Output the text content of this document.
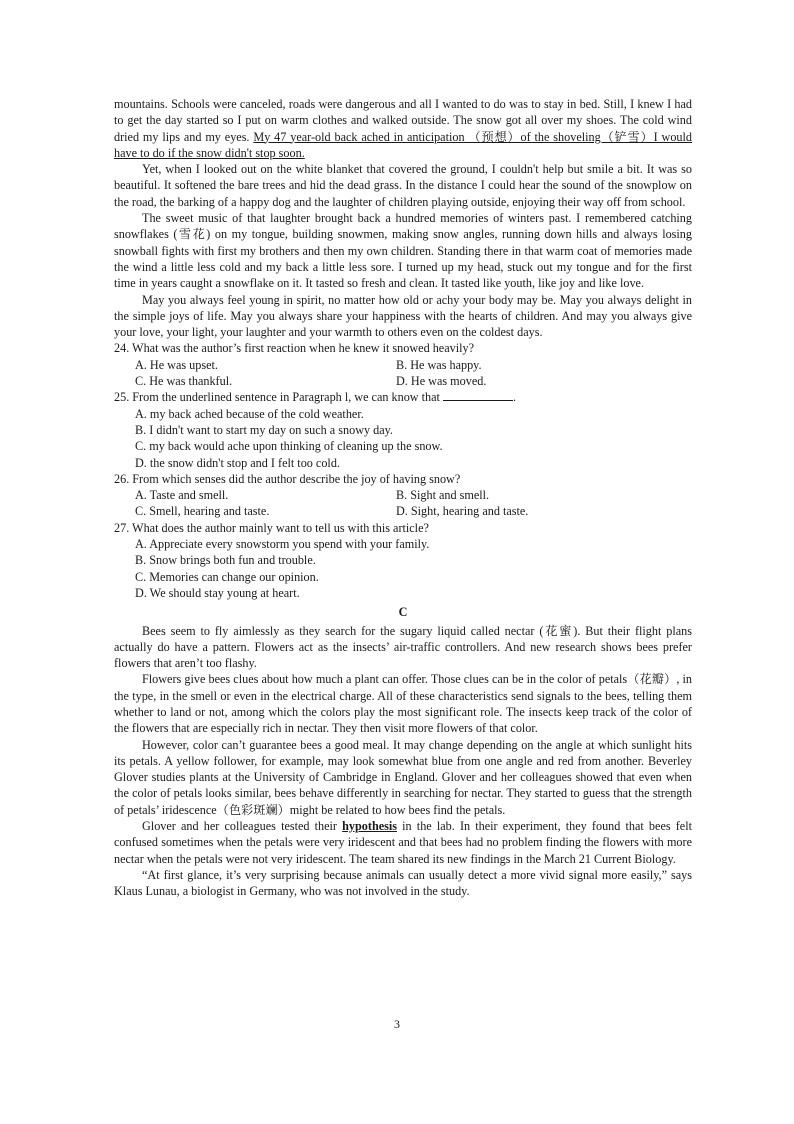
mountains. Schools were canceled, roads were dangerous and all I wanted to do was to stay in bed. Still, I knew I had to get the day started so I put on warm clothes and walked outside. The snow got all over my shoes. The cold wind dried my lips and my eyes. My 47 year-old back ached in anticipation （预想）of the shoveling（铲雪）I would have to do if the snow didn't stop soon.

Yet, when I looked out on the white blanket that covered the ground, I couldn't help but smile a bit. It was so beautiful. It softened the bare trees and hid the dead grass. In the distance I could hear the sound of the snowplow on the road, the barking of a happy dog and the laughter of children playing outside, enjoying their way off from school.

The sweet music of that laughter brought back a hundred memories of winters past. I remembered catching snowflakes (雪花) on my tongue, building snowmen, making snow angles, running down hills and always losing snowball fights with first my brothers and then my own children. Standing there in that warm coat of memories made the wind a little less cold and my back a little less sore. I turned up my head, stuck out my tongue and for the first time in years caught a snowflake on it. It tasted so fresh and clean. It tasted like youth, like joy and like love.

May you always feel young in spirit, no matter how old or achy your body may be. May you always delight in the simple joys of life. May you always share your happiness with the hearts of children. And may you always give your love, your light, your laughter and your warmth to others even on the coldest days.

24. What was the author’s first reaction when he knew it snowed heavily?

A. He was upset.	B. He was happy.
C. He was thankful.	D. He was moved.

25. From the underlined sentence in Paragraph l, we can know that	.

A. my back ached because of the cold weather.

B. I didn't want to start my day on such a snowy day.

C. my back would ache upon thinking of cleaning up the snow.

D. the snow didn't stop and I felt too cold.

26. From which senses did the author describe the joy of having snow?

A. Taste and smell.	B. Sight and smell.
C. Smell, hearing and taste.	D. Sight, hearing and taste.

27. What does the author mainly want to tell us with this article?

A. Appreciate every snowstorm you spend with your family.

B. Snow brings both fun and trouble.

C. Memories can change our opinion.

D. We should stay young at heart.

C

Bees seem to fly aimlessly as they search for the sugary liquid called nectar (花蜜). But their flight plans actually do have a pattern. Flowers act as the insects’ air-traffic controllers. And new research shows bees prefer flowers that aren’t too flashy.

Flowers give bees clues about how much a plant can offer. Those clues can be in the color of petals（花瓣）, in the type, in the smell or even in the electrical charge. All of these characteristics send signals to the bees, telling them whether to land or not, among which the colors play the most significant role. The insects keep track of the color of the flowers that are especially rich in nectar. They then visit more flowers of that color.

However, color can’t guarantee bees a good meal. It may change depending on the angle at which sunlight hits its petals. A yellow follower, for example, may look somewhat blue from one angle and red from another. Beverley Glover studies plants at the University of Cambridge in England. Glover and her colleagues showed that even when the color of petals looks similar, bees behave differently in searching for nectar. They started to guess that the strength of petals’ iridescence（色彩斑斓）might be related to how bees find the petals.

Glover and her colleagues tested their hypothesis in the lab. In their experiment, they found that bees felt confused sometimes when the petals were very iridescent and that bees had no problem finding the flowers with more nectar when the petals were not very iridescent. The team shared its new findings in the March 21 Current Biology.

“At first glance, it’s very surprising because animals can usually detect a more vivid signal more easily,” says Klaus Lunau, a biologist in Germany, who was not involved in the study.

3
